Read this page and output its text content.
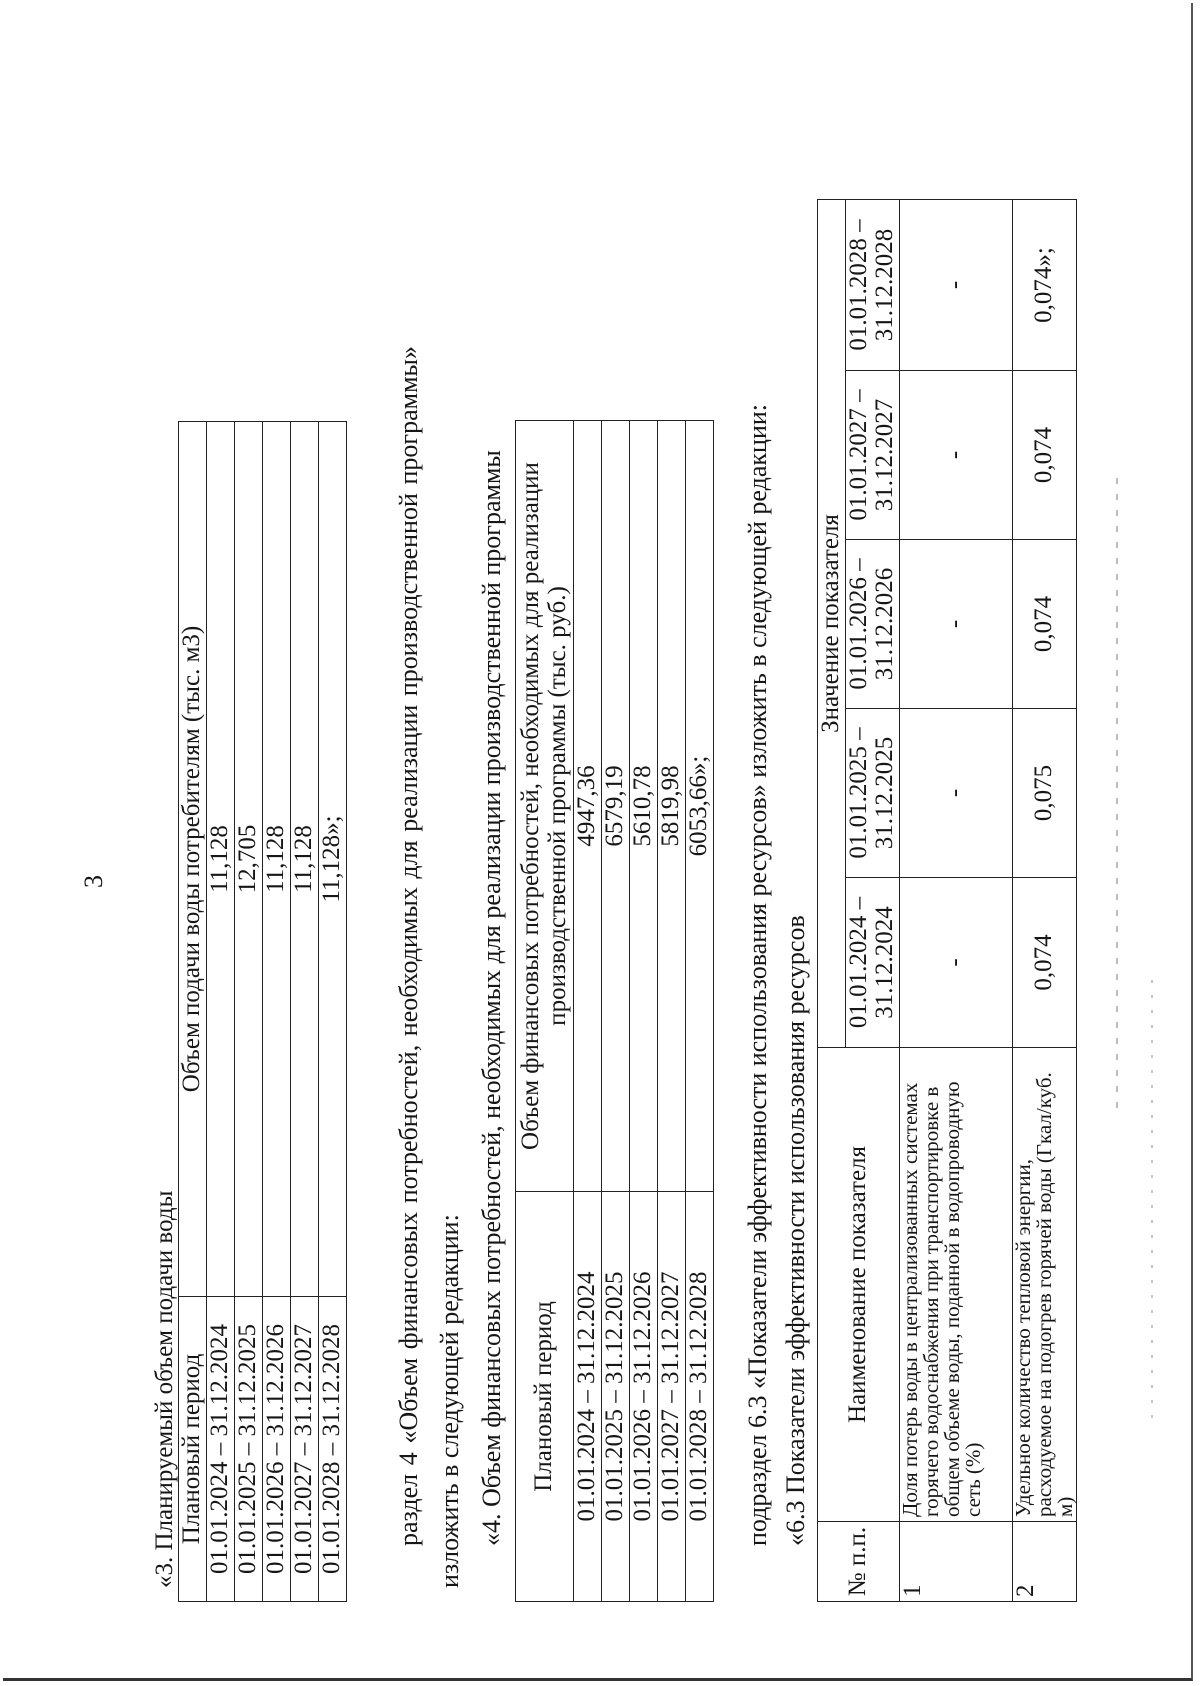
3
«3. Планируемый объем подачи воды Плановый период	Объем подачи воды потребителям (тыс. м3)
01.01.2024 – 31.12.2024	11,128
01.01.2025 – 31.12.2025	12,705
01.01.2026 – 31.12.2026	11,128
01.01.2027 – 31.12.2027	11,128
01.01.2028 – 31.12.2028	11,128»; раздел 4 «Объем финансовых потребностей, необходимых для реализации производственной программы» изложить в следующей редакции: «4. Объем финансовых потребностей, необходимых для реализации производственной программы Плановый период	Объем финансовых потребностей, необходимых для реализации производственной программы (тыс. руб.)
01.01.2024 – 31.12.2024	4947,36
01.01.2025 – 31.12.2025	6579,19
01.01.2026 – 31.12.2026	5610,78
01.01.2027 – 31.12.2027	5819,98
01.01.2028 – 31.12.2028	6053,66»; подраздел 6.3 «Показатели эффективности использования ресурсов» изложить в следующей редакции: «6.3 Показатели эффективности использования ресурсов
№ п.п.	Наименование показателя	Значение показателя				
		01.01.2024 – 31.12.2024	01.01.2025 – 31.12.2025	01.01.2026 – 31.12.2026	01.01.2027 – 31.12.2027	01.01.2028 – 31.12.2028
1	Доля потерь воды в централизованных системах горячего водоснабжения при транспортировке в общем объеме воды, поданной в водопроводную сеть (%)	-	-	-	-	-
2	Удельное количество тепловой энергии, расходуемое на подогрев горячей воды (Гкал/куб. м)	0,074	0,075	0,074	0,074	0,074»;
